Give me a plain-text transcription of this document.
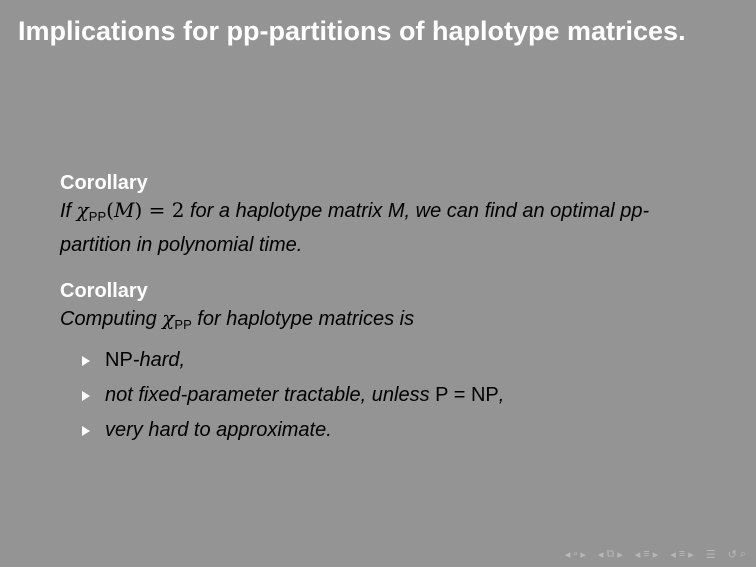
Implications for pp-partitions of haplotype matrices.
Corollary
If $\chi_{PP}(M) = 2$ for a haplotype matrix M, we can find an optimal pp-partition in polynomial time.
Corollary
Computing $\chi_{PP}$ for haplotype matrices is
NP-hard,
not fixed-parameter tractable, unless P = NP,
very hard to approximate.
◂ ▫ ▸ ◂ ⧉ ▸ ◂ ≡ ▸ ◂ ≡ ▸ ☰ ↺ ⌕
